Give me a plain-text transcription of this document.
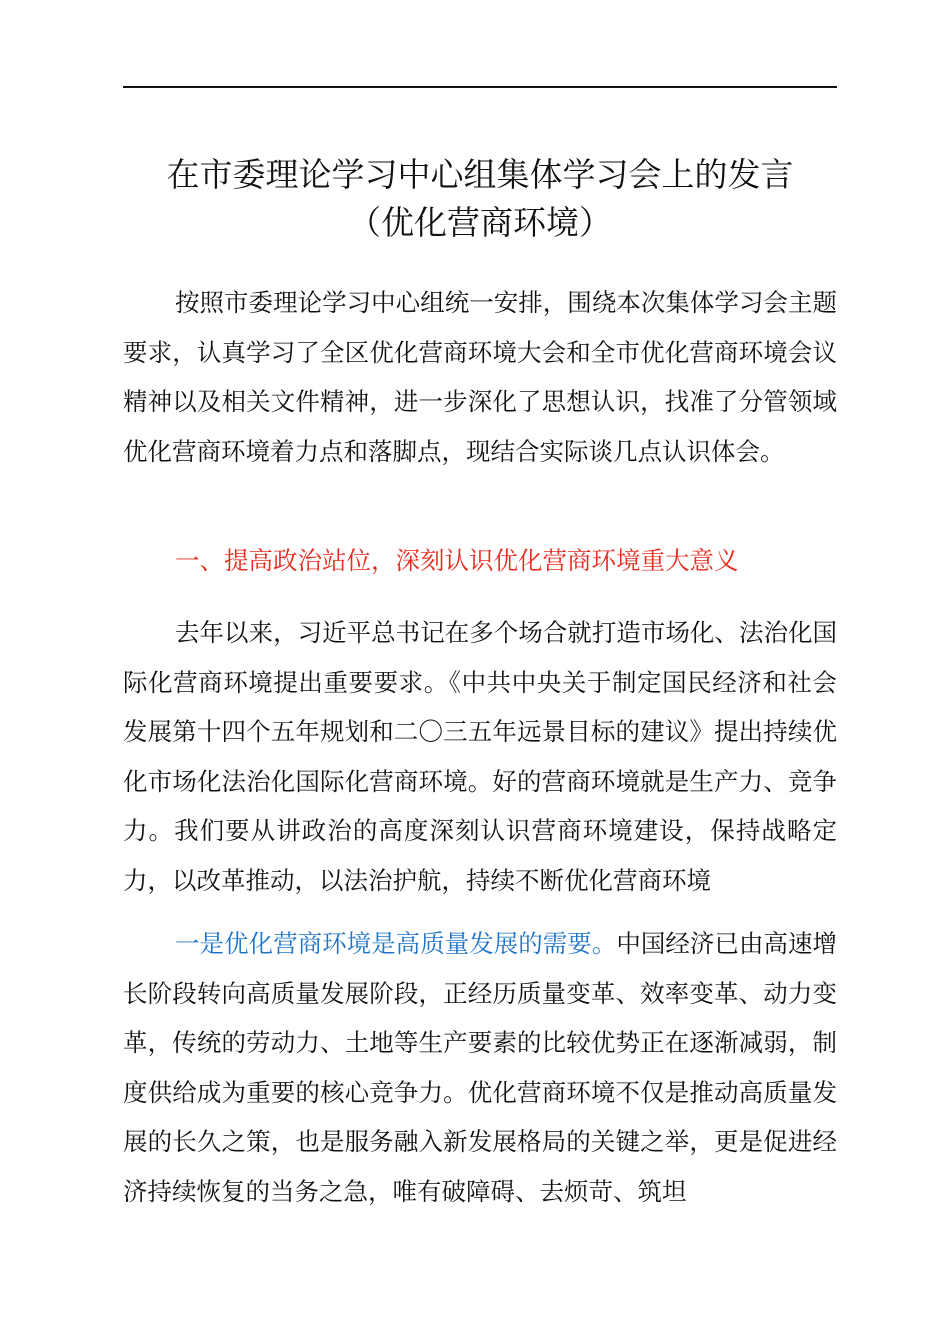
在市委理论学习中心组集体学习会上的发言
（优化营商环境）

按照市委理论学习中心组统一安排，围绕本次集体学习会主题要求，认真学习了全区优化营商环境大会和全市优化营商环境会议精神以及相关文件精神，进一步深化了思想认识，找准了分管领域优化营商环境着力点和落脚点，现结合实际谈几点认识体会。

一、提高政治站位，深刻认识优化营商环境重大意义

去年以来，习近平总书记在多个场合就打造市场化、法治化国际化营商环境提出重要要求。《中共中央关于制定国民经济和社会发展第十四个五年规划和二〇三五年远景目标的建议》提出持续优化市场化法治化国际化营商环境。好的营商环境就是生产力、竞争力。我们要从讲政治的高度深刻认识营商环境建设，保持战略定力，以改革推动，以法治护航，持续不断优化营商环境

一是优化营商环境是高质量发展的需要。中国经济已由高速增长阶段转向高质量发展阶段，正经历质量变革、效率变革、动力变革，传统的劳动力、土地等生产要素的比较优势正在逐渐减弱，制度供给成为重要的核心竞争力。优化营商环境不仅是推动高质量发展的长久之策，也是服务融入新发展格局的关键之举，更是促进经济持续恢复的当务之急，唯有破障碍、去烦苛、筑坦
